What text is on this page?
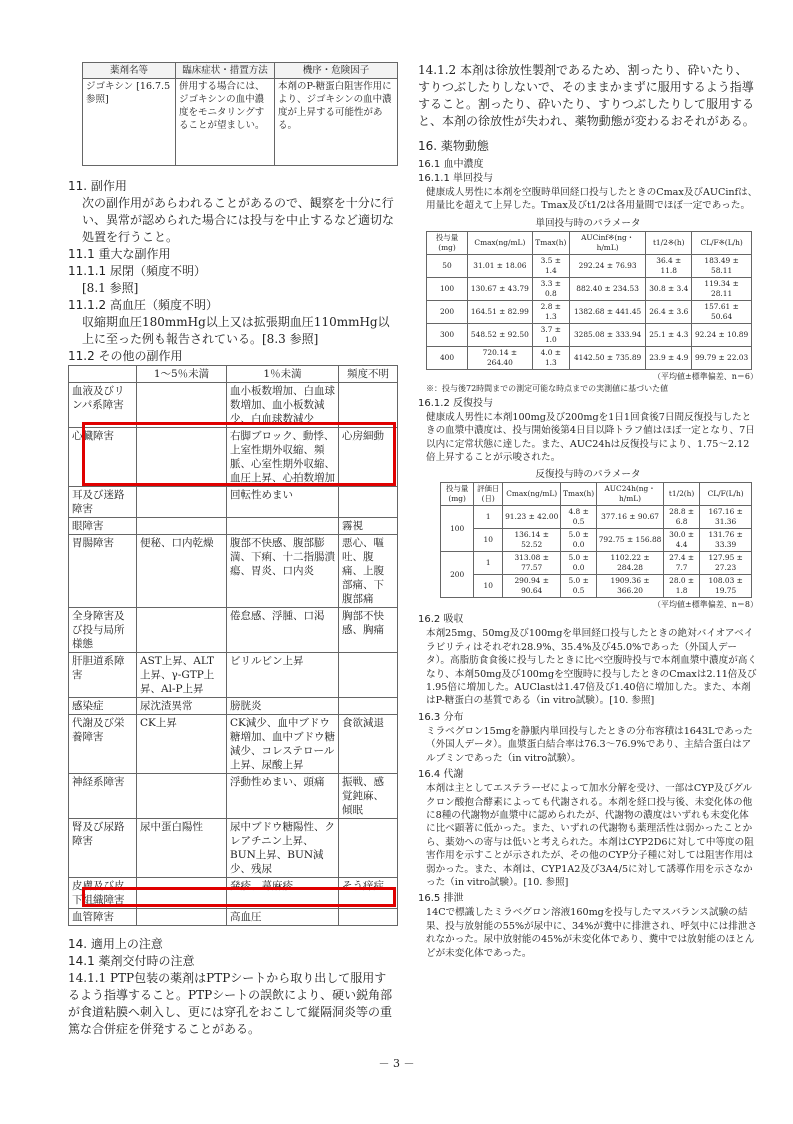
薬剤名等	臨床症状・措置方法	機序・危険因子
ジゴキシン [16.7.5 参照]	併用する場合には、ジゴキシンの血中濃度をモニタリングすることが望ましい。	本剤のP-糖蛋白阻害作用により、ジゴキシンの血中濃度が上昇する可能性がある。
11. 副作用
次の副作用があらわれることがあるので、観察を十分に行い、異常が認められた場合には投与を中止するなど適切な処置を行うこと。
11.1 重大な副作用
11.1.1 尿閉（頻度不明）
[8.1 参照]
11.1.2 高血圧（頻度不明）
収縮期血圧180mmHg以上又は拡張期血圧110mmHg以上に至った例も報告されている。[8.3 参照]
11.2 その他の副作用
	1～5％未満	1％未満	頻度不明
血液及びリンパ系障害		血小板数増加、白血球数増加、血小板数減少、白血球数減少	
心臓障害		右脚ブロック、動悸、上室性期外収縮、頻脈、心室性期外収縮、血圧上昇、心拍数増加	心房細動
耳及び迷路障害		回転性めまい	
眼障害			霧視
胃腸障害	便秘、口内乾燥	腹部不快感、腹部膨満、下痢、十二指腸潰瘍、胃炎、口内炎	悪心、嘔吐、腹痛、上腹部痛、下腹部痛
全身障害及び投与局所様態		倦怠感、浮腫、口渇	胸部不快感、胸痛
肝胆道系障害	AST上昇、ALT上昇、γ-GTP上昇、Al-P上昇	ビリルビン上昇	
感染症	尿沈渣異常	膀胱炎	
代謝及び栄養障害	CK上昇	CK減少、血中ブドウ糖増加、血中ブドウ糖減少、コレステロール上昇、尿酸上昇	食欲減退
神経系障害		浮動性めまい、頭痛	振戦、感覚鈍麻、傾眠
腎及び尿路障害	尿中蛋白陽性	尿中ブドウ糖陽性、クレアチニン上昇、BUN上昇、BUN減少、残尿	
皮膚及び皮下組織障害		発疹、蕁麻疹	そう痒症
血管障害		高血圧	
14. 適用上の注意
14.1 薬剤交付時の注意
14.1.1 PTP包装の薬剤はPTPシートから取り出して服用するよう指導すること。PTPシートの誤飲により、硬い鋭角部が食道粘膜へ刺入し、更には穿孔をおこして縦隔洞炎等の重篤な合併症を併発することがある。
14.1.2 本剤は徐放性製剤であるため、割ったり、砕いたり、すりつぶしたりしないで、そのままかまずに服用するよう指導すること。割ったり、砕いたり、すりつぶしたりして服用すると、本剤の徐放性が失われ、薬物動態が変わるおそれがある。
16. 薬物動態
16.1 血中濃度
16.1.1 単回投与
健康成人男性に本剤を空腹時単回経口投与したときのCmax及びAUCinfは、用量比を超えて上昇した。Tmax及びt1/2は各用量間でほぼ一定であった。
単回投与時のパラメータ
投与量(mg)	Cmax(ng/mL)	Tmax(h)	AUCinf※(ng・h/mL)	t1/2※(h)	CL/F※(L/h)
50	31.01 ± 18.06	3.5 ± 1.4	292.24 ± 76.93	36.4 ± 11.8	183.49 ± 58.11
100	130.67 ± 43.79	3.3 ± 0.8	882.40 ± 234.53	30.8 ± 3.4	119.34 ± 28.11
200	164.51 ± 82.99	2.8 ± 1.3	1382.68 ± 441.45	26.4 ± 3.6	157.61 ± 50.64
300	548.52 ± 92.50	3.7 ± 1.0	3285.08 ± 333.94	25.1 ± 4.3	92.24 ± 10.89
400	720.14 ± 264.40	4.0 ± 1.3	4142.50 ± 735.89	23.9 ± 4.9	99.79 ± 22.03
（平均値±標準偏差、n＝6）
※：投与後72時間までの測定可能な時点までの実測値に基づいた値
16.1.2 反復投与
健康成人男性に本剤100mg及び200mgを1日1回食後7日間反復投与したときの血漿中濃度は、投与開始後第4日目以降トラフ値はほぼ一定となり、7日以内に定常状態に達した。また、AUC24hは反復投与により、1.75～2.12倍上昇することが示唆された。
反復投与時のパラメータ
投与量(mg)	評価日(日)	Cmax(ng/mL)	Tmax(h)	AUC24h(ng・h/mL)	t1/2(h)	CL/F(L/h)
100	1	91.23 ± 42.00	4.8 ± 0.5	377.16 ± 90.67	28.8 ± 6.8	167.16 ± 31.36
	10	136.14 ± 52.52	5.0 ± 0.0	792.75 ± 156.88	30.0 ± 4.4	131.76 ± 33.39
200	1	313.08 ± 77.57	5.0 ± 0.0	1102.22 ± 284.28	27.4 ± 7.7	127.95 ± 27.23
	10	290.94 ± 90.64	5.0 ± 0.5	1909.36 ± 366.20	28.0 ± 1.8	108.03 ± 19.75
（平均値±標準偏差、n＝8）
16.2 吸収
本剤25mg、50mg及び100mgを単回経口投与したときの絶対バイオアベイラビリティはそれぞれ28.9%、35.4%及び45.0%であった（外国人データ）。高脂肪食食後に投与したときに比べ空腹時投与で本剤血漿中濃度が高くなり、本剤50mg及び100mgを空腹時に投与したときのCmaxは2.11倍及び1.95倍に増加した。AUClastは1.47倍及び1.40倍に増加した。また、本剤はP-糖蛋白の基質である（in vitro試験）。[10. 参照]
16.3 分布
ミラベグロン15mgを静脈内単回投与したときの分布容積は1643Lであった（外国人データ）。血漿蛋白結合率は76.3～76.9%であり、主結合蛋白はアルブミンであった（in vitro試験）。
16.4 代謝
本剤は主としてエステラーゼによって加水分解を受け、一部はCYP及びグルクロン酸抱合酵素によっても代謝される。本剤を経口投与後、未変化体の他に8種の代謝物が血漿中に認められたが、代謝物の濃度はいずれも未変化体に比べ顕著に低かった。また、いずれの代謝物も薬理活性は弱かったことから、薬効への寄与は低いと考えられた。本剤はCYP2D6に対して中等度の阻害作用を示すことが示されたが、その他のCYP分子種に対しては阻害作用は弱かった。また、本剤は、CYP1A2及び3A4/5に対して誘導作用を示さなかった（in vitro試験）。[10. 参照]
16.5 排泄
14Cで標識したミラベグロン溶液160mgを投与したマスバランス試験の結果、投与放射能の55%が尿中に、34%が糞中に排泄され、呼気中には排泄されなかった。尿中放射能の45%が未変化体であり、糞中では放射能のほとんどが未変化体であった。
－ 3 －
